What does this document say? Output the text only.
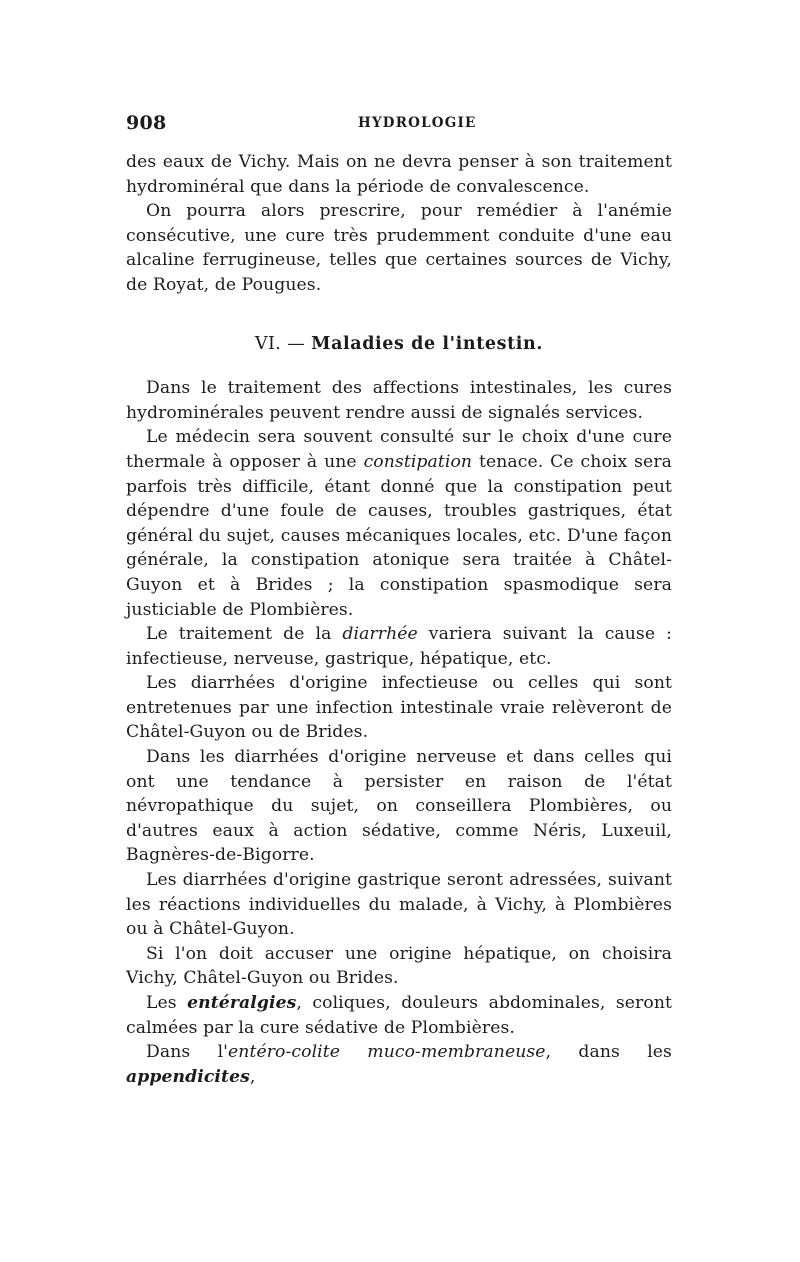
908	HYDROLOGIE

des eaux de Vichy. Mais on ne devra penser à son traitement hydrominéral que dans la période de convalescence.

On pourra alors prescrire, pour remédier à l'anémie consécutive, une cure très prudemment conduite d'une eau alcaline ferrugineuse, telles que certaines sources de Vichy, de Royat, de Pougues.

VI. — Maladies de l'intestin.

Dans le traitement des affections intestinales, les cures hydrominérales peuvent rendre aussi de signalés services.

Le médecin sera souvent consulté sur le choix d'une cure thermale à opposer à une constipation tenace. Ce choix sera parfois très difficile, étant donné que la constipation peut dépendre d'une foule de causes, troubles gastriques, état général du sujet, causes mécaniques locales, etc. D'une façon générale, la constipation atonique sera traitée à Châtel-Guyon et à Brides ; la constipation spasmodique sera justiciable de Plombières.

Le traitement de la diarrhée variera suivant la cause : infectieuse, nerveuse, gastrique, hépatique, etc.

Les diarrhées d'origine infectieuse ou celles qui sont entretenues par une infection intestinale vraie relèveront de Châtel-Guyon ou de Brides.

Dans les diarrhées d'origine nerveuse et dans celles qui ont une tendance à persister en raison de l'état névropathique du sujet, on conseillera Plombières, ou d'autres eaux à action sédative, comme Néris, Luxeuil, Bagnères-de-Bigorre.

Les diarrhées d'origine gastrique seront adressées, suivant les réactions individuelles du malade, à Vichy, à Plombières ou à Châtel-Guyon.

Si l'on doit accuser une origine hépatique, on choisira Vichy, Châtel-Guyon ou Brides.

Les entéralgies, coliques, douleurs abdominales, seront calmées par la cure sédative de Plombières.

Dans l'entéro-colite muco-membraneuse, dans les appendicites,
